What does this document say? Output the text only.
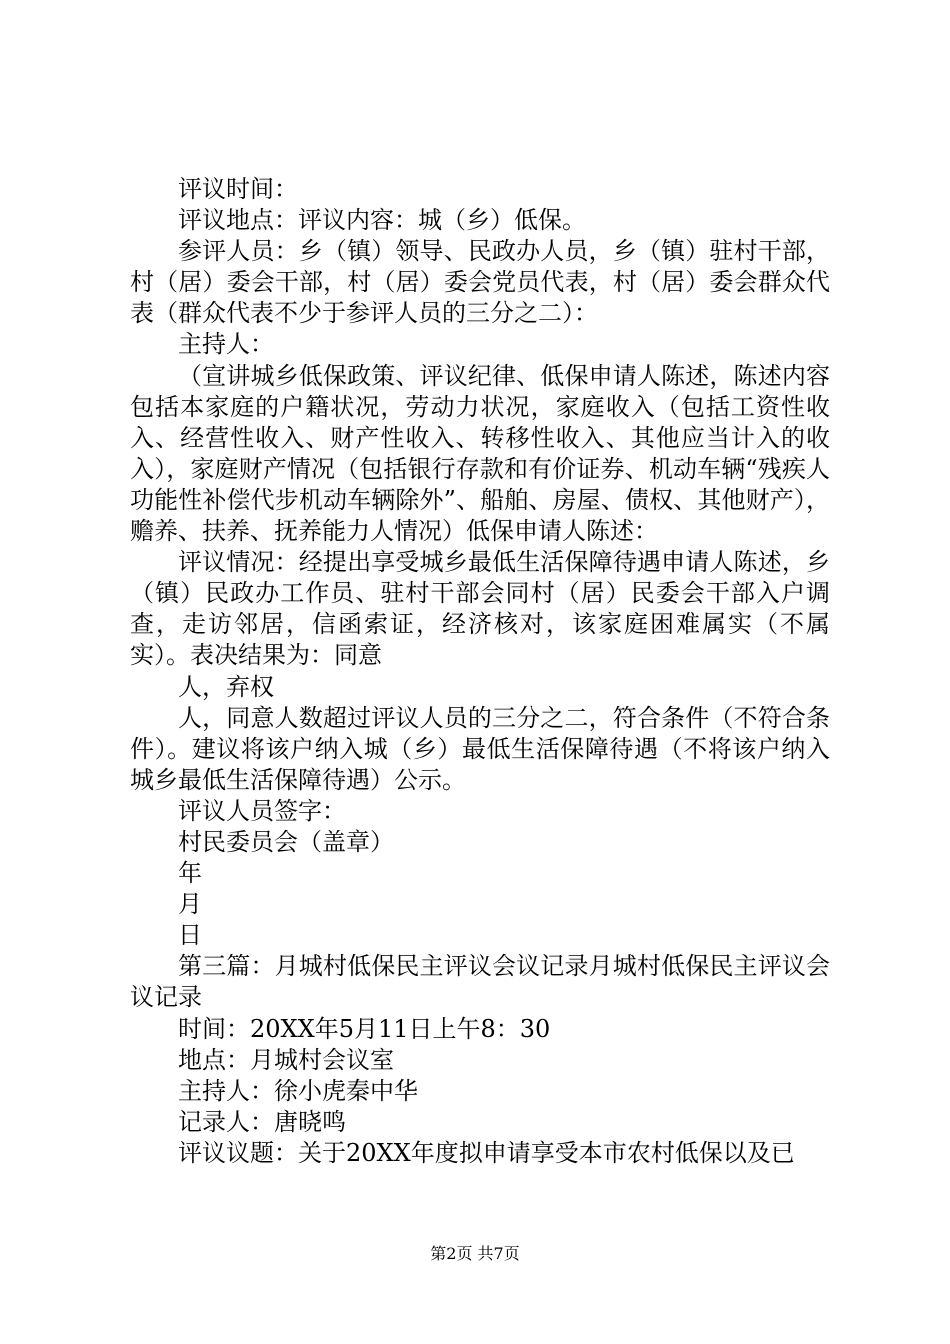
评议时间：

评议地点：评议内容：城（乡）低保。

参评人员：乡（镇）领导、民政办人员，乡（镇）驻村干部，村（居）委会干部，村（居）委会党员代表，村（居）委会群众代表（群众代表不少于参评人员的三分之二）：

主持人：

（宣讲城乡低保政策、评议纪律、低保申请人陈述，陈述内容包括本家庭的户籍状况，劳动力状况，家庭收入（包括工资性收入、经营性收入、财产性收入、转移性收入、其他应当计入的收入），家庭财产情况（包括银行存款和有价证券、机动车辆“残疾人功能性补偿代步机动车辆除外”、船舶、房屋、债权、其他财产），赡养、扶养、抚养能力人情况）低保申请人陈述：

评议情况：经提出享受城乡最低生活保障待遇申请人陈述，乡（镇）民政办工作员、驻村干部会同村（居）民委会干部入户调查，走访邻居，信函索证，经济核对，该家庭困难属实（不属实）。表决结果为：同意

人，弃权

人，同意人数超过评议人员的三分之二，符合条件（不符合条件）。建议将该户纳入城（乡）最低生活保障待遇（不将该户纳入城乡最低生活保障待遇）公示。

评议人员签字：

村民委员会（盖章）

年

月

日

第三篇：月城村低保民主评议会议记录月城村低保民主评议会议记录

时间：20XX年5月11日上午8：30

地点：月城村会议室

主持人：徐小虎秦中华

记录人：唐晓鸣

评议议题：关于20XX年度拟申请享受本市农村低保以及已

第2页 共7页
